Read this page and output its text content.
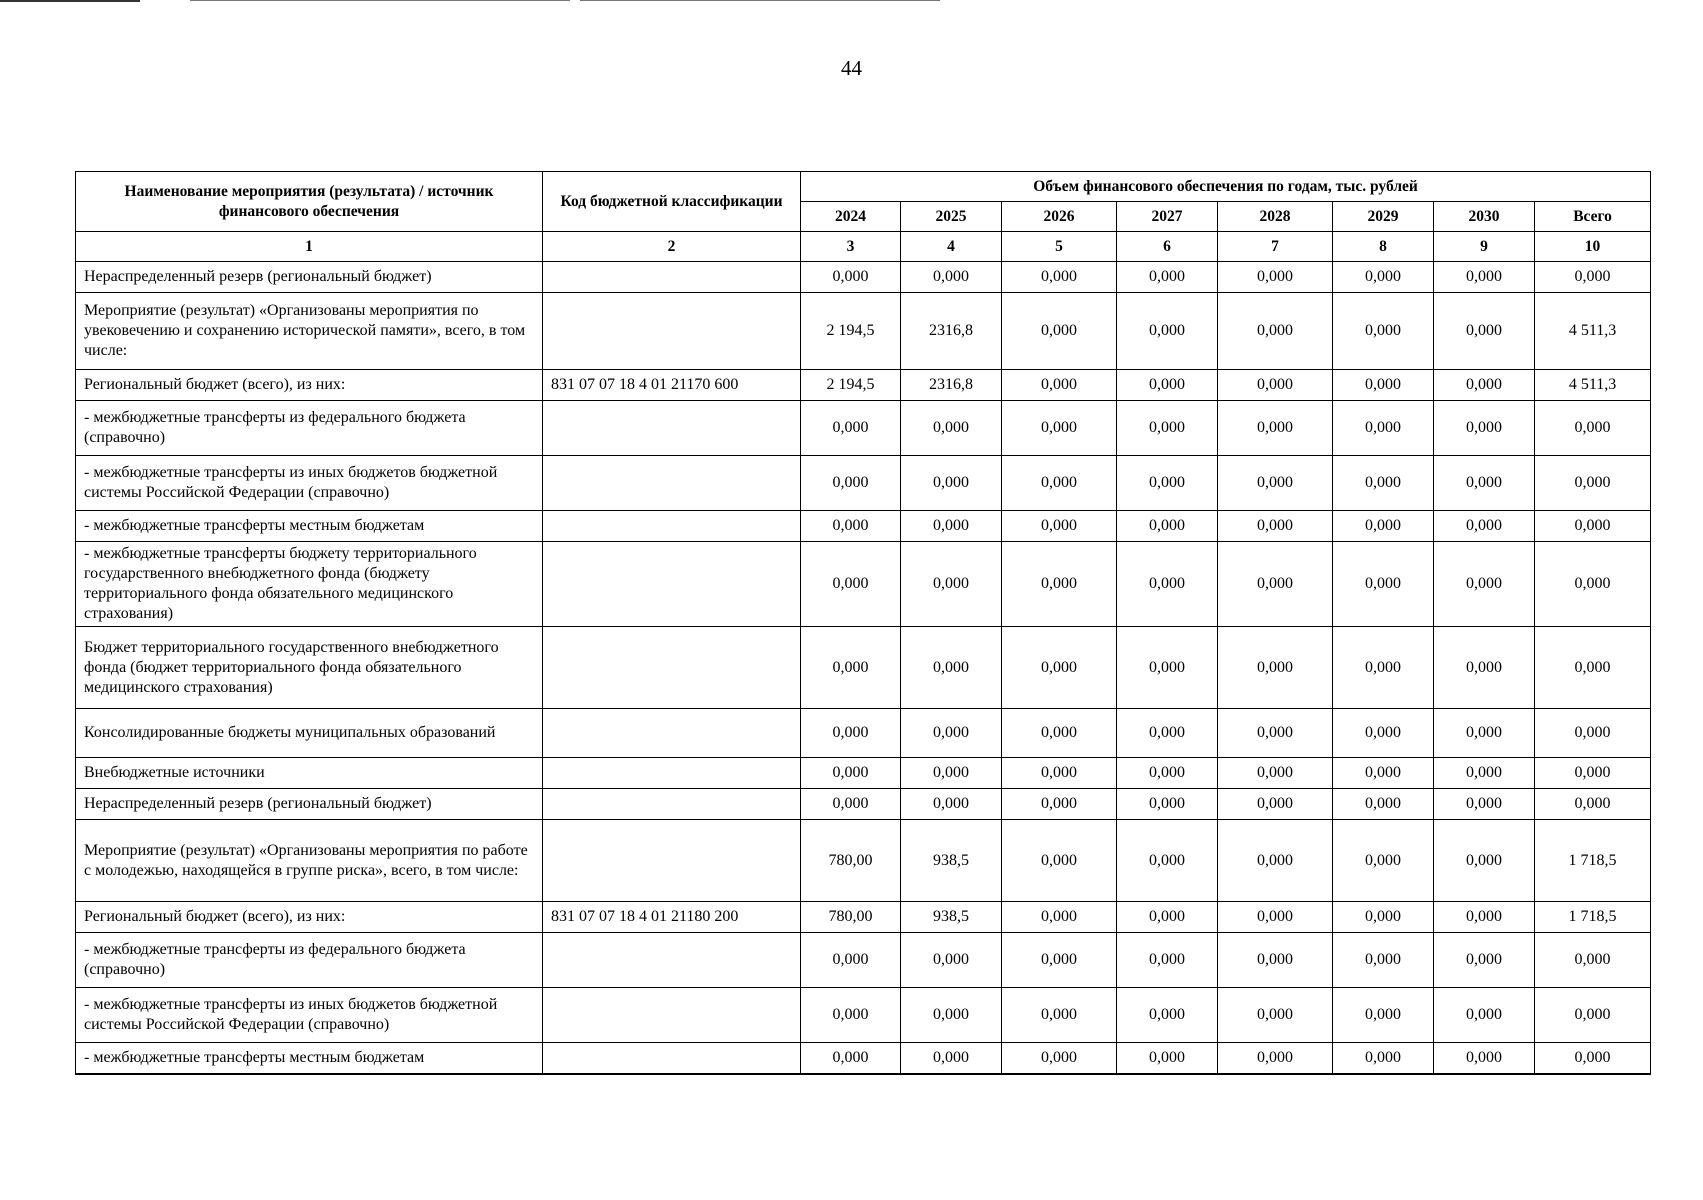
44
Наименование мероприятия (результата) / источник финансового обеспечения	Код бюджетной классификации	Объем финансового обеспечения по годам, тыс. рублей							
		2024	2025	2026	2027	2028	2029	2030	Всего
1	2	3	4	5	6	7	8	9	10
Нераспределенный резерв (региональный бюджет)		0,000	0,000	0,000	0,000	0,000	0,000	0,000	0,000
Мероприятие (результат) «Организованы мероприятия по увековечению и сохранению исторической памяти», всего, в том числе:		2 194,5	2316,8	0,000	0,000	0,000	0,000	0,000	4 511,3
Региональный бюджет (всего), из них:	831 07 07 18 4 01 21170 600	2 194,5	2316,8	0,000	0,000	0,000	0,000	0,000	4 511,3
- межбюджетные трансферты из федерального бюджета (справочно)		0,000	0,000	0,000	0,000	0,000	0,000	0,000	0,000
- межбюджетные трансферты из иных бюджетов бюджетной системы Российской Федерации (справочно)		0,000	0,000	0,000	0,000	0,000	0,000	0,000	0,000
- межбюджетные трансферты местным бюджетам		0,000	0,000	0,000	0,000	0,000	0,000	0,000	0,000
- межбюджетные трансферты бюджету территориального государственного внебюджетного фонда (бюджету территориального фонда обязательного медицинского страхования)		0,000	0,000	0,000	0,000	0,000	0,000	0,000	0,000
Бюджет территориального государственного внебюджетного фонда (бюджет территориального фонда обязательного медицинского страхования)		0,000	0,000	0,000	0,000	0,000	0,000	0,000	0,000
Консолидированные бюджеты муниципальных образований		0,000	0,000	0,000	0,000	0,000	0,000	0,000	0,000
Внебюджетные источники		0,000	0,000	0,000	0,000	0,000	0,000	0,000	0,000
Нераспределенный резерв (региональный бюджет)		0,000	0,000	0,000	0,000	0,000	0,000	0,000	0,000
Мероприятие (результат) «Организованы мероприятия по работе с молодежью, находящейся в группе риска», всего, в том числе:		780,00	938,5	0,000	0,000	0,000	0,000	0,000	1 718,5
Региональный бюджет (всего), из них:	831 07 07 18 4 01 21180 200	780,00	938,5	0,000	0,000	0,000	0,000	0,000	1 718,5
- межбюджетные трансферты из федерального бюджета (справочно)		0,000	0,000	0,000	0,000	0,000	0,000	0,000	0,000
- межбюджетные трансферты из иных бюджетов бюджетной системы Российской Федерации (справочно)		0,000	0,000	0,000	0,000	0,000	0,000	0,000	0,000
- межбюджетные трансферты местным бюджетам		0,000	0,000	0,000	0,000	0,000	0,000	0,000	0,000
